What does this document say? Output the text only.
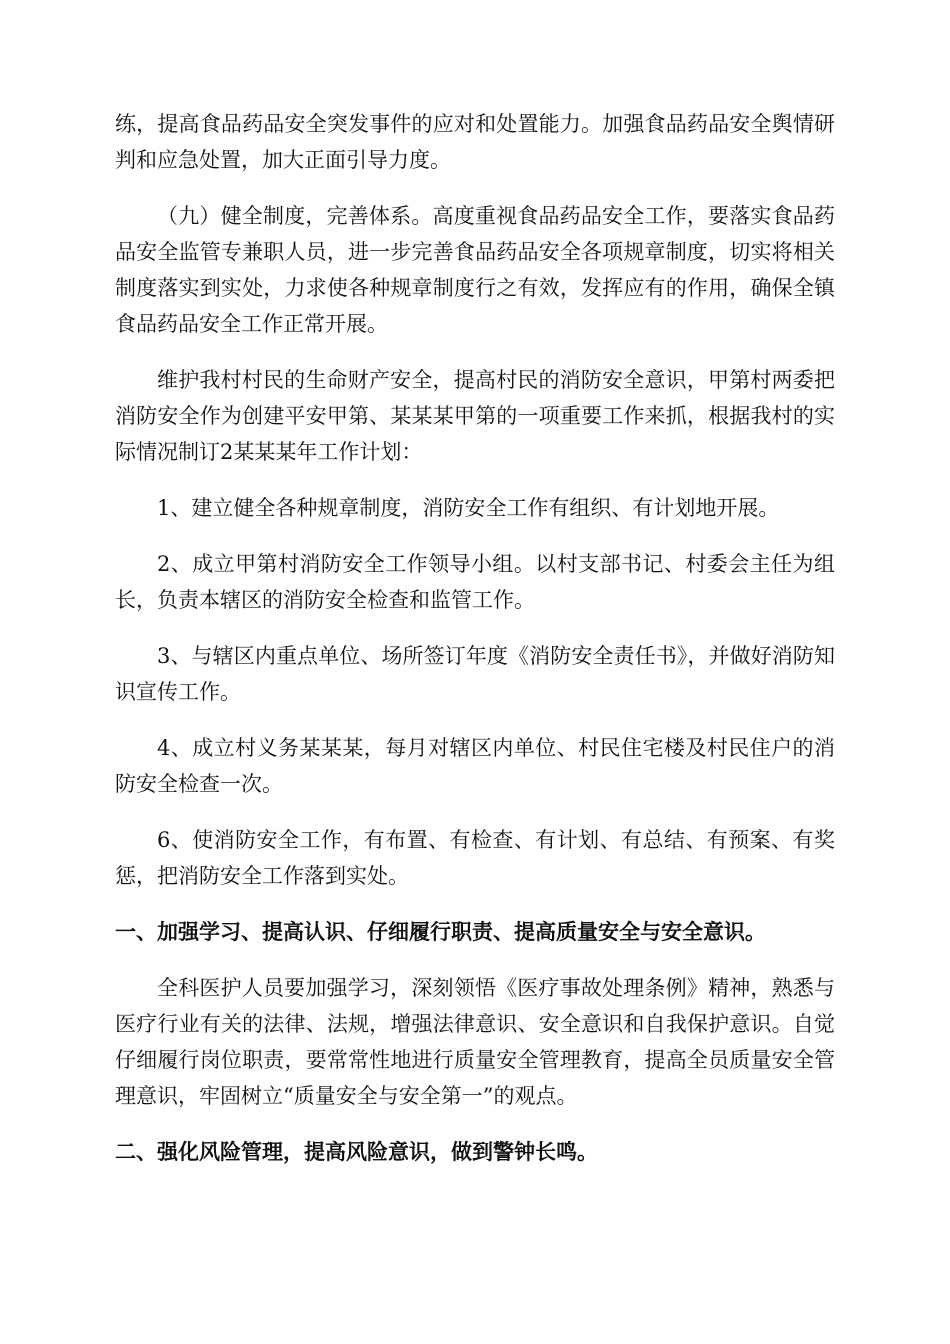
练，提高食品药品安全突发事件的应对和处置能力。加强食品药品安全舆情研判和应急处置，加大正面引导力度。

（九）健全制度，完善体系。高度重视食品药品安全工作，要落实食品药品安全监管专兼职人员，进一步完善食品药品安全各项规章制度，切实将相关制度落实到实处，力求使各种规章制度行之有效，发挥应有的作用，确保全镇食品药品安全工作正常开展。

维护我村村民的生命财产安全，提高村民的消防安全意识，甲第村两委把消防安全作为创建平安甲第、某某某甲第的一项重要工作来抓，根据我村的实际情况制订2某某某年工作计划：

1、建立健全各种规章制度，消防安全工作有组织、有计划地开展。

2、成立甲第村消防安全工作领导小组。以村支部书记、村委会主任为组长，负责本辖区的消防安全检查和监管工作。

3、与辖区内重点单位、场所签订年度《消防安全责任书》，并做好消防知识宣传工作。

4、成立村义务某某某，每月对辖区内单位、村民住宅楼及村民住户的消防安全检查一次。

6、使消防安全工作，有布置、有检查、有计划、有总结、有预案、有奖惩，把消防安全工作落到实处。

一、加强学习、提高认识、仔细履行职责、提高质量安全与安全意识。

全科医护人员要加强学习，深刻领悟《医疗事故处理条例》精神，熟悉与医疗行业有关的法律、法规，增强法律意识、安全意识和自我保护意识。自觉仔细履行岗位职责，要常常性地进行质量安全管理教育，提高全员质量安全管理意识，牢固树立“质量安全与安全第一”的观点。

二、强化风险管理，提高风险意识，做到警钟长鸣。
